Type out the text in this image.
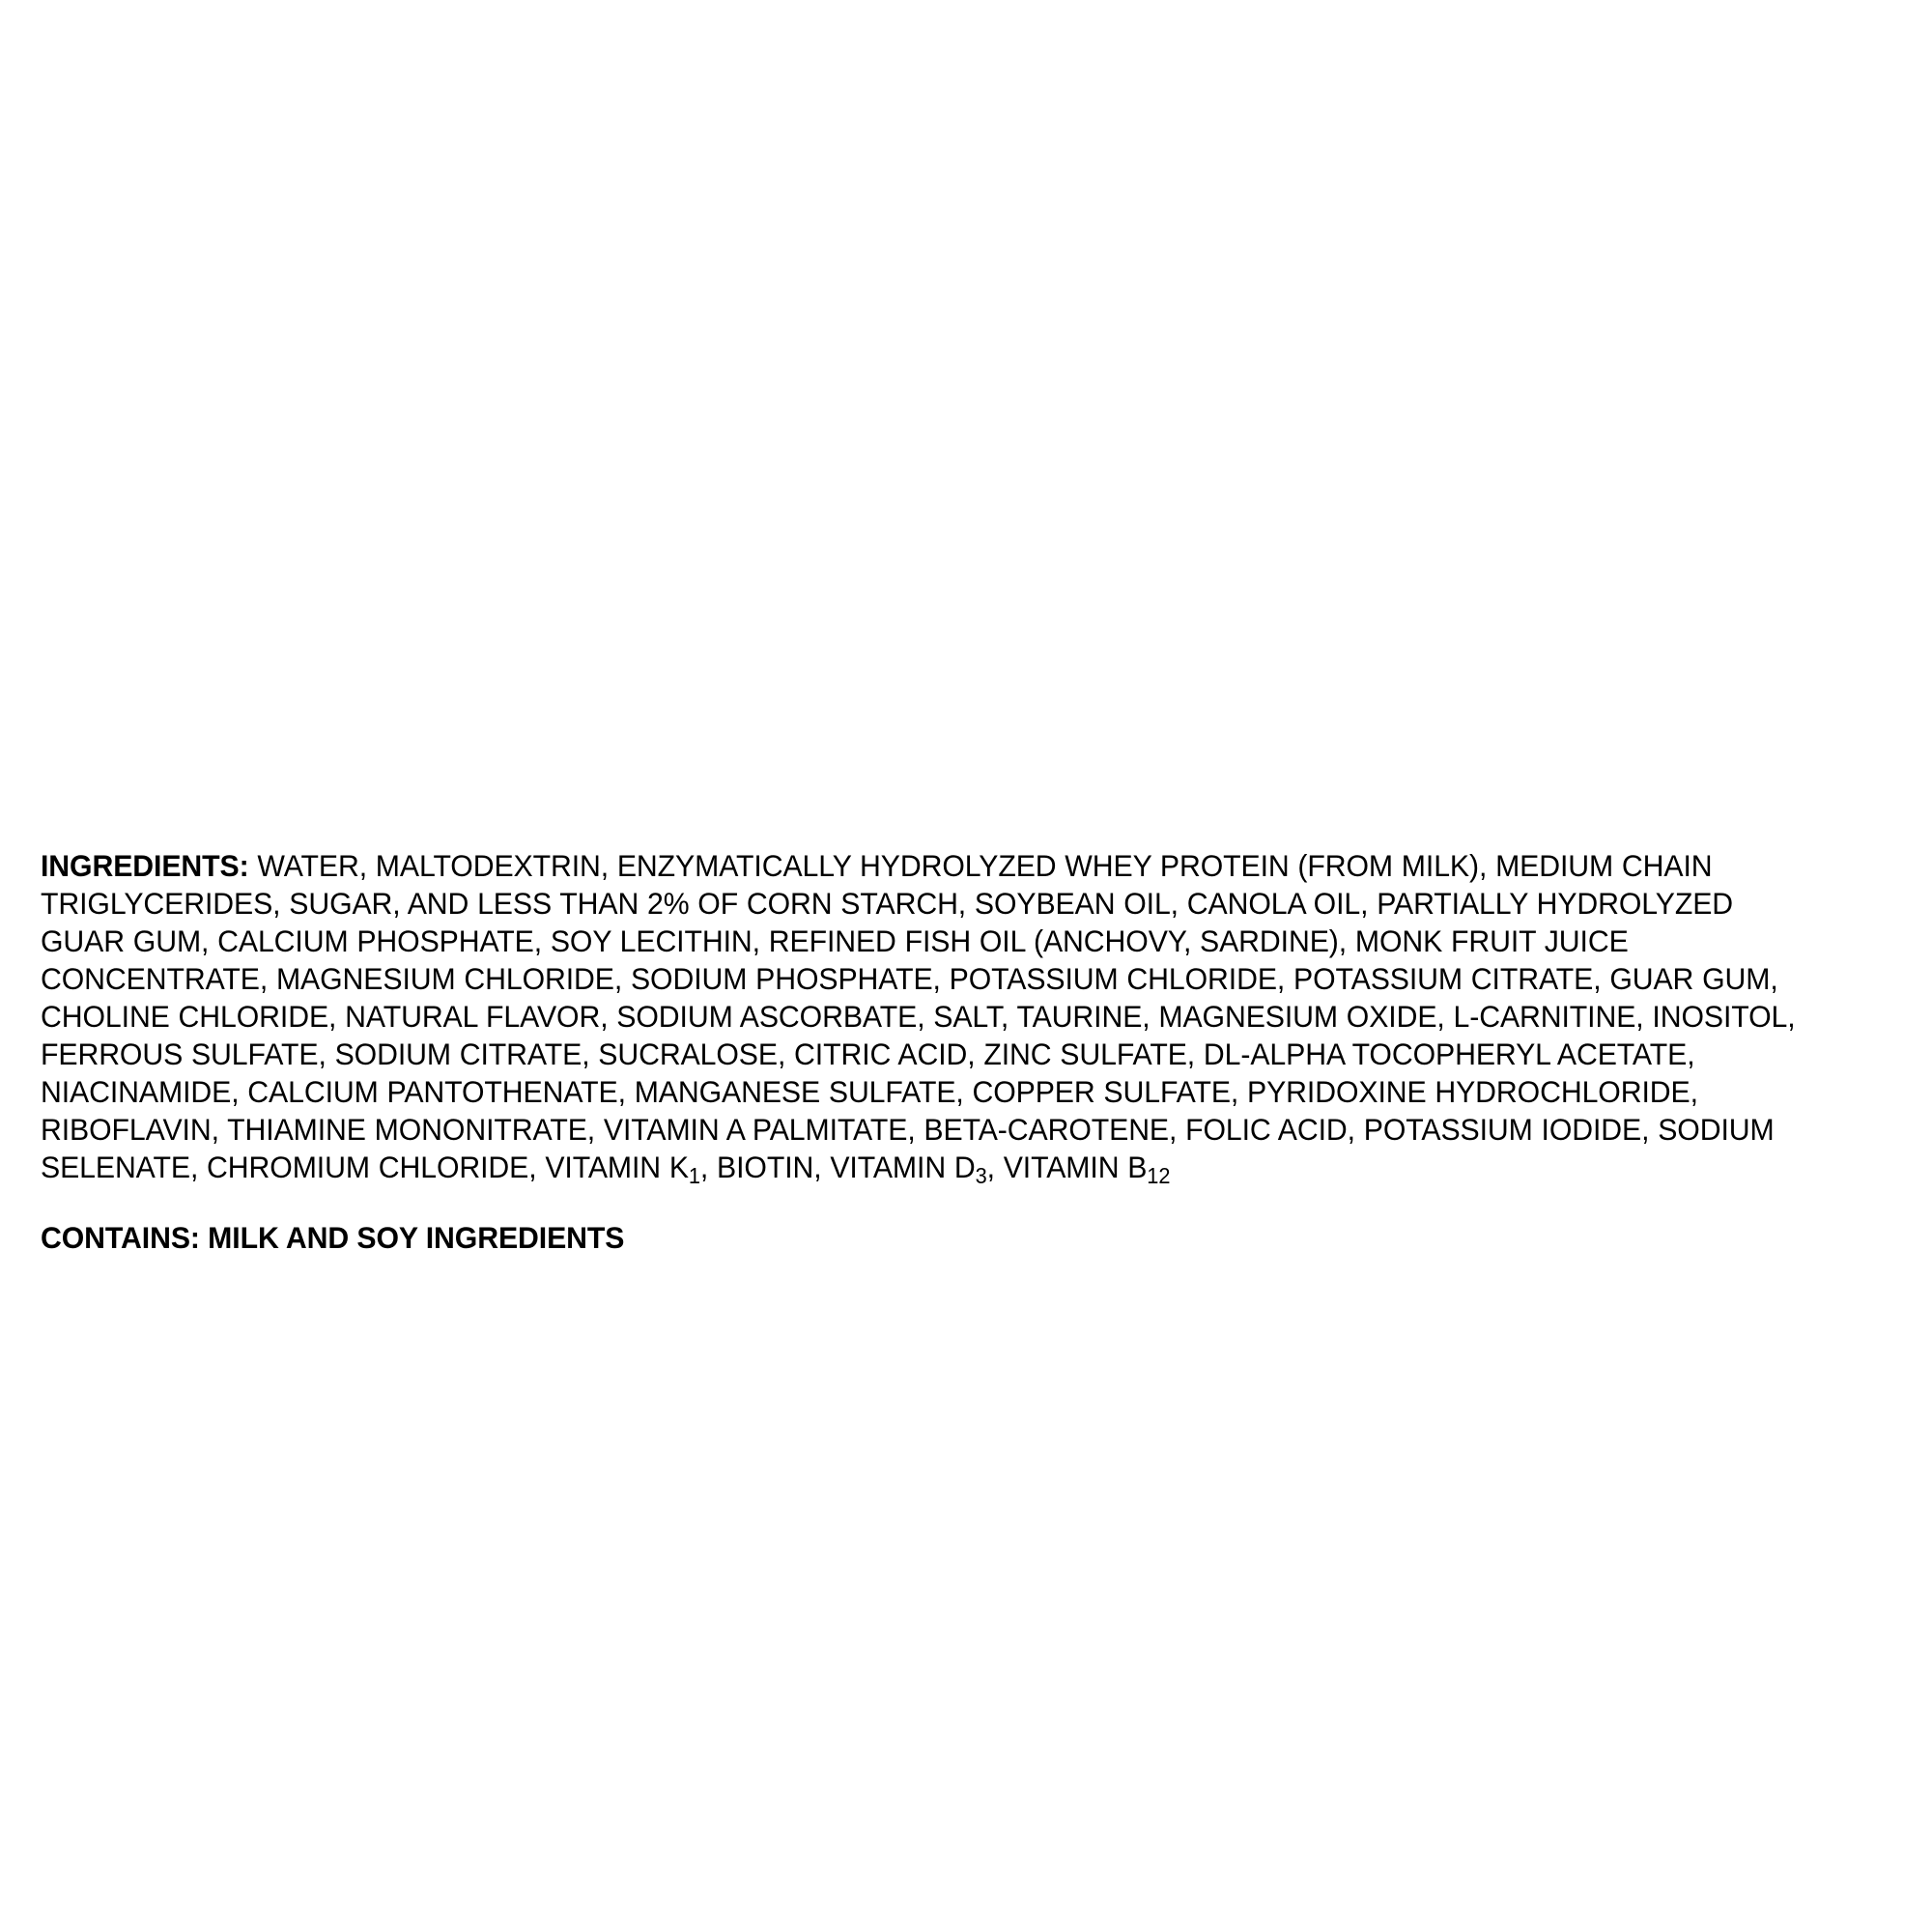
INGREDIENTS: WATER, MALTODEXTRIN, ENZYMATICALLY HYDROLYZED WHEY PROTEIN (FROM MILK), MEDIUM CHAIN TRIGLYCERIDES, SUGAR, AND LESS THAN 2% OF CORN STARCH, SOYBEAN OIL, CANOLA OIL, PARTIALLY HYDROLYZED GUAR GUM, CALCIUM PHOSPHATE, SOY LECITHIN, REFINED FISH OIL (ANCHOVY, SARDINE), MONK FRUIT JUICE CONCENTRATE, MAGNESIUM CHLORIDE, SODIUM PHOSPHATE, POTASSIUM CHLORIDE, POTASSIUM CITRATE, GUAR GUM, CHOLINE CHLORIDE, NATURAL FLAVOR, SODIUM ASCORBATE, SALT, TAURINE, MAGNESIUM OXIDE, L-CARNITINE, INOSITOL, FERROUS SULFATE, SODIUM CITRATE, SUCRALOSE, CITRIC ACID, ZINC SULFATE, DL-ALPHA TOCOPHERYL ACETATE, NIACINAMIDE, CALCIUM PANTOTHENATE, MANGANESE SULFATE, COPPER SULFATE, PYRIDOXINE HYDROCHLORIDE, RIBOFLAVIN, THIAMINE MONONITRATE, VITAMIN A PALMITATE, BETA-CAROTENE, FOLIC ACID, POTASSIUM IODIDE, SODIUM SELENATE, CHROMIUM CHLORIDE, VITAMIN $K_1$, BIOTIN, VITAMIN $D_3$, VITAMIN $B_{12}$

CONTAINS: MILK AND SOY INGREDIENTS
